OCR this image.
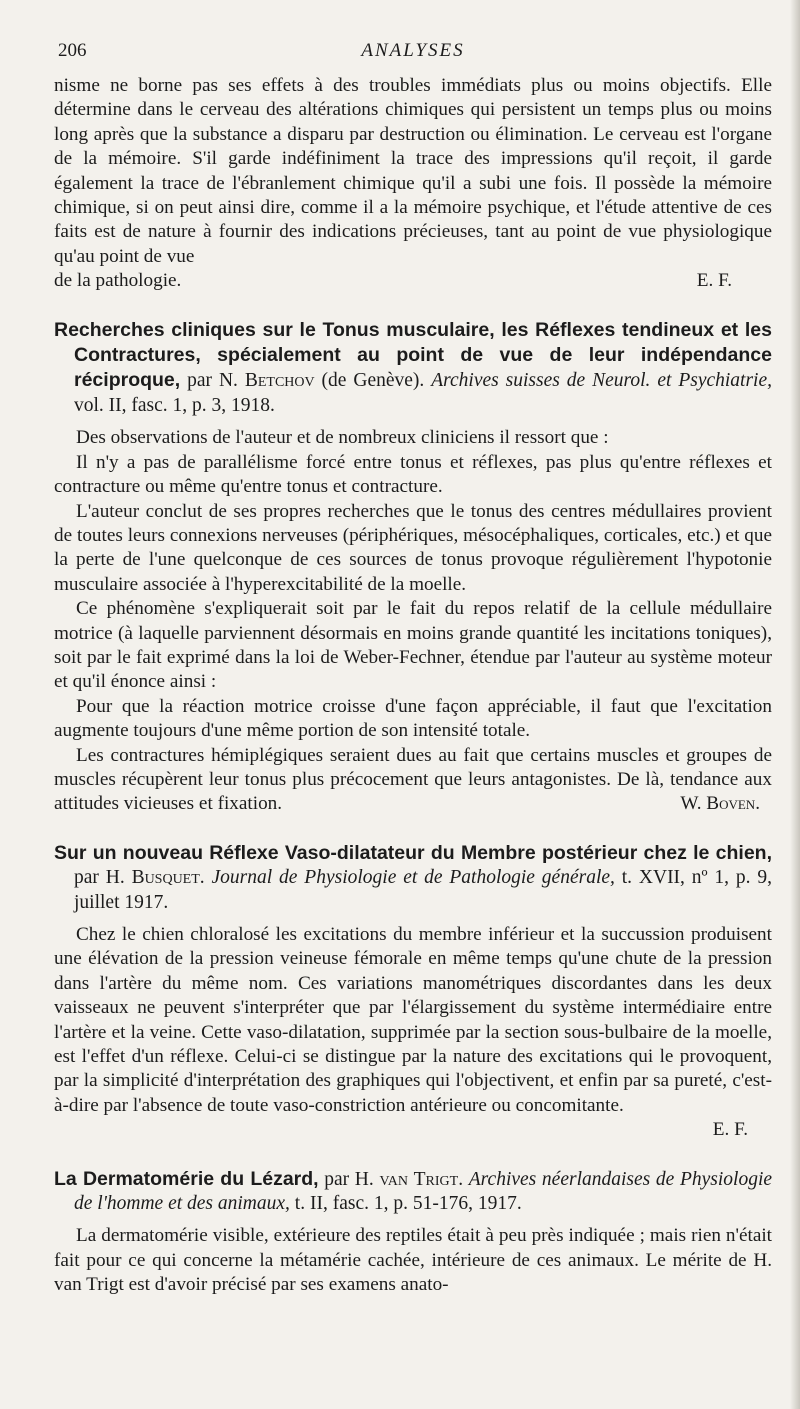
206	ANALYSES

nisme ne borne pas ses effets à des troubles immédiats plus ou moins objectifs. Elle détermine dans le cerveau des altérations chimiques qui persistent un temps plus ou moins long après que la substance a disparu par destruction ou élimination. Le cerveau est l'organe de la mémoire. S'il garde indéfiniment la trace des impressions qu'il reçoit, il garde également la trace de l'ébranlement chimique qu'il a subi une fois. Il possède la mémoire chimique, si on peut ainsi dire, comme il a la mémoire psychique, et l'étude attentive de ces faits est de nature à fournir des indications précieuses, tant au point de vue physiologique qu'au point de vue

de la pathologie.	E. F.

Recherches cliniques sur le Tonus musculaire, les Réflexes tendineux et les Contractures, spécialement au point de vue de leur indépendance réciproque, par N. Betchov (de Genève). Archives suisses de Neurol. et Psychiatrie, vol. II, fasc. 1, p. 3, 1918.

Des observations de l'auteur et de nombreux cliniciens il ressort que :

Il n'y a pas de parallélisme forcé entre tonus et réflexes, pas plus qu'entre réflexes et contracture ou même qu'entre tonus et contracture.

L'auteur conclut de ses propres recherches que le tonus des centres médullaires provient de toutes leurs connexions nerveuses (périphériques, mésocéphaliques, corticales, etc.) et que la perte de l'une quelconque de ces sources de tonus provoque régulièrement l'hypotonie musculaire associée à l'hyperexcitabilité de la moelle.

Ce phénomène s'expliquerait soit par le fait du repos relatif de la cellule médullaire motrice (à laquelle parviennent désormais en moins grande quantité les incitations toniques), soit par le fait exprimé dans la loi de Weber-Fechner, étendue par l'auteur au système moteur et qu'il énonce ainsi :

Pour que la réaction motrice croisse d'une façon appréciable, il faut que l'excitation augmente toujours d'une même portion de son intensité totale.

Les contractures hémiplégiques seraient dues au fait que certains muscles et groupes de muscles récupèrent leur tonus plus précocement que leurs antagonistes. De là, tendance aux attitudes vicieuses et fixation.	W. Boven.

Sur un nouveau Réflexe Vaso-dilatateur du Membre postérieur chez le chien, par H. Busquet. Journal de Physiologie et de Pathologie générale, t. XVII, nº 1, p. 9, juillet 1917.

Chez le chien chloralosé les excitations du membre inférieur et la succussion produisent une élévation de la pression veineuse fémorale en même temps qu'une chute de la pression dans l'artère du même nom. Ces variations manométriques discordantes dans les deux vaisseaux ne peuvent s'interpréter que par l'élargissement du système intermédiaire entre l'artère et la veine. Cette vaso-dilatation, supprimée par la section sous-bulbaire de la moelle, est l'effet d'un réflexe. Celui-ci se distingue par la nature des excitations qui le provoquent, par la simplicité d'interprétation des graphiques qui l'objectivent, et enfin par sa pureté, c'est-à-dire par l'absence de toute vaso-constriction antérieure ou concomitante.

E. F.
La Dermatomérie du Lézard, par H. van Trigt. Archives néerlandaises de Physiologie de l'homme et des animaux, t. II, fasc. 1, p. 51-176, 1917.

La dermatomérie visible, extérieure des reptiles était à peu près indiquée ; mais rien n'était fait pour ce qui concerne la métamérie cachée, intérieure de ces animaux. Le mérite de H. van Trigt est d'avoir précisé par ses examens anato-
